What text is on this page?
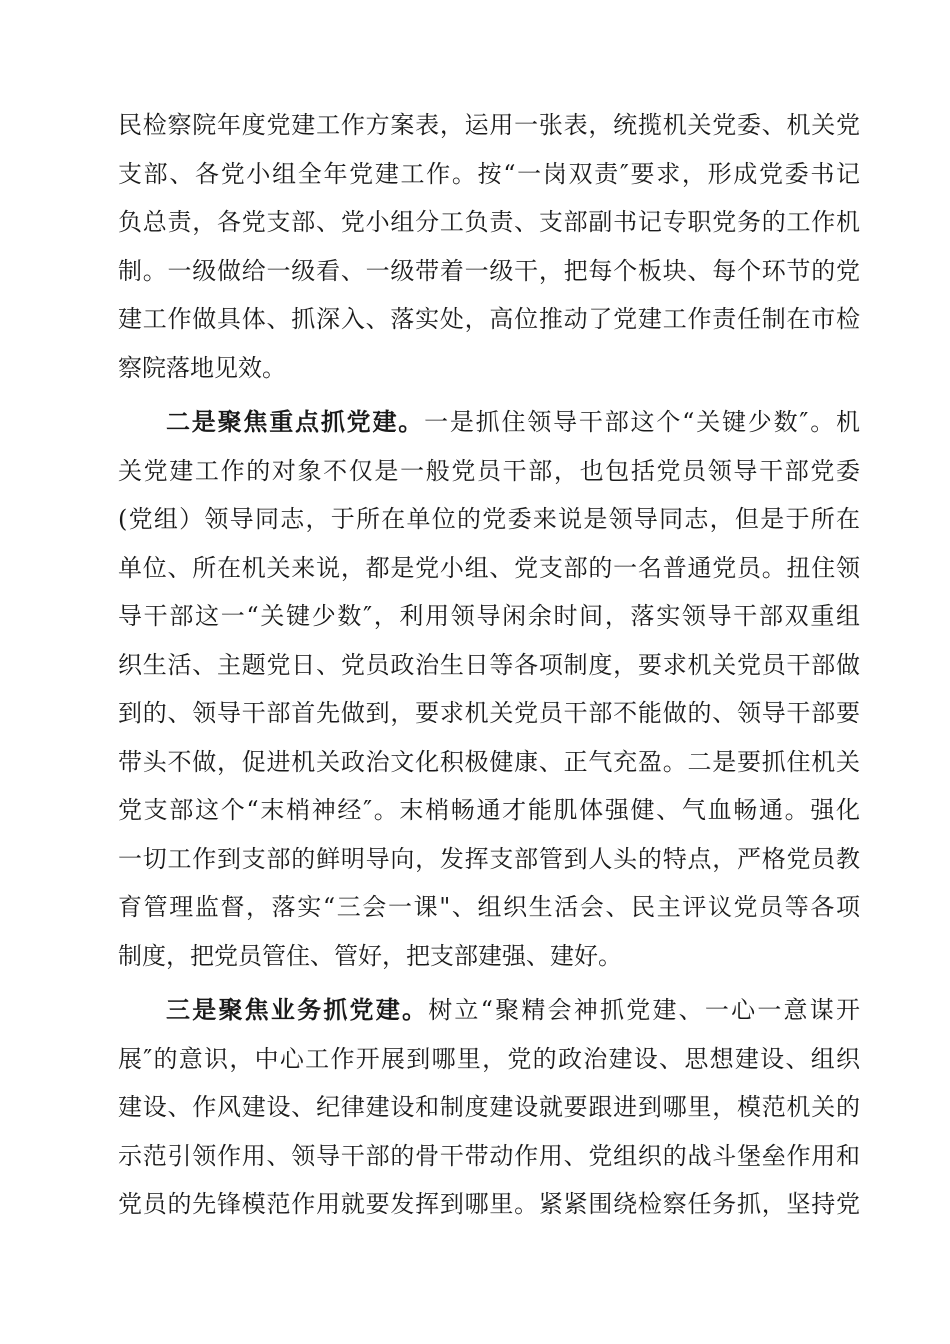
民检察院年度党建工作方案表，运用一张表，统揽机关党委、机关党
支部、各党小组全年党建工作。按“一岗双责″要求，形成党委书记
负总责，各党支部、党小组分工负责、支部副书记专职党务的工作机
制。一级做给一级看、一级带着一级干，把每个板块、每个环节的党
建工作做具体、抓深入、落实处，高位推动了党建工作责任制在市检
察院落地见效。
二是聚焦重点抓党建。一是抓住领导干部这个“关键少数″。机
关党建工作的对象不仅是一般党员干部，也包括党员领导干部党委
(党组）领导同志，于所在单位的党委来说是领导同志，但是于所在
单位、所在机关来说，都是党小组、党支部的一名普通党员。扭住领
导干部这一“关键少数″，利用领导闲余时间，落实领导干部双重组
织生活、主题党日、党员政治生日等各项制度，要求机关党员干部做
到的、领导干部首先做到，要求机关党员干部不能做的、领导干部要
带头不做，促进机关政治文化积极健康、正气充盈。二是要抓住机关
党支部这个“末梢神经″。末梢畅通才能肌体强健、气血畅通。强化
一切工作到支部的鲜明导向，发挥支部管到人头的特点，严格党员教
育管理监督，落实“三会一课"、组织生活会、民主评议党员等各项
制度，把党员管住、管好，把支部建强、建好。
三是聚焦业务抓党建。树立“聚精会神抓党建、一心一意谋开
展″的意识，中心工作开展到哪里，党的政治建设、思想建设、组织
建设、作风建设、纪律建设和制度建设就要跟进到哪里，模范机关的
示范引领作用、领导干部的骨干带动作用、党组织的战斗堡垒作用和
党员的先锋模范作用就要发挥到哪里。紧紧围绕检察任务抓，坚持党
